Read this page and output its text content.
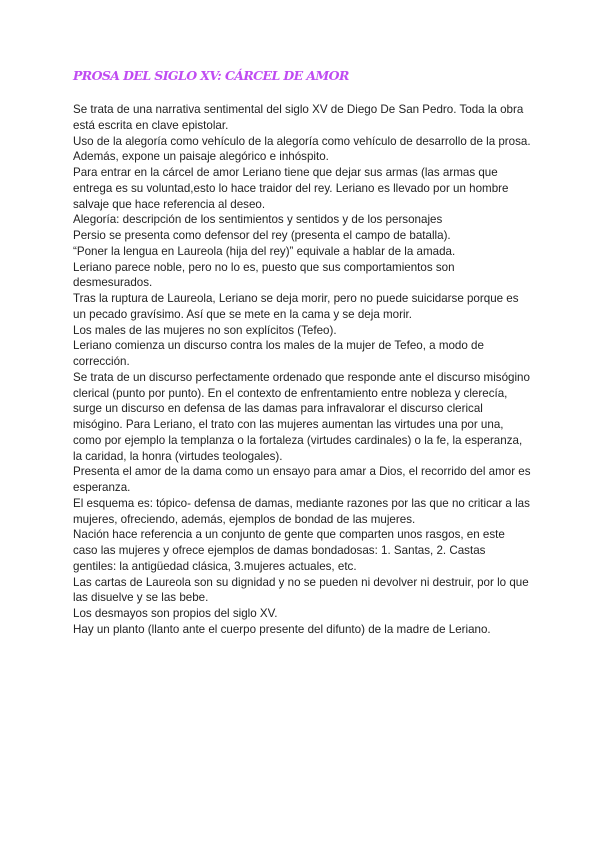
PROSA DEL SIGLO XV: CÁRCEL DE AMOR

Se trata de una narrativa sentimental del siglo XV de Diego De San Pedro. Toda la obra está escrita en clave epistolar.

Uso de la alegoría como vehículo de la alegoría como vehículo de desarrollo de la prosa. Además, expone un paisaje alegórico e inhóspito.

Para entrar en la cárcel de amor Leriano tiene que dejar sus armas (las armas que entrega es su voluntad,esto lo hace traidor del rey. Leriano es llevado por un hombre salvaje que hace referencia al deseo.

Alegoría: descripción de los sentimientos y sentidos y de los personajes

Persio se presenta como defensor del rey (presenta el campo de batalla).

“Poner la lengua en Laureola (hija del rey)” equivale a hablar de la amada.

Leriano parece noble, pero no lo es, puesto que sus comportamientos son desmesurados.

Tras la ruptura de Laureola, Leriano se deja morir, pero no puede suicidarse porque es un pecado gravísimo. Así que se mete en la cama y se deja morir.

Los males de las mujeres no son explícitos (Tefeo).

Leriano comienza un discurso contra los males de la mujer de Tefeo, a modo de corrección.

Se trata de un discurso perfectamente ordenado que responde ante el discurso misógino clerical (punto por punto). En el contexto de enfrentamiento entre nobleza y clerecía, surge un discurso en defensa de las damas para infravalorar el discurso clerical misógino. Para Leriano, el trato con las mujeres aumentan las virtudes una por una, como por ejemplo la templanza o la fortaleza (virtudes cardinales) o la fe, la esperanza, la caridad, la honra (virtudes teologales).

Presenta el amor de la dama como un ensayo para amar a Dios, el recorrido del amor es esperanza.

El esquema es: tópico- defensa de damas, mediante razones por las que no criticar a las mujeres, ofreciendo, además, ejemplos de bondad de las mujeres.

Nación hace referencia a un conjunto de gente que comparten unos rasgos, en este caso las mujeres y ofrece ejemplos de damas bondadosas: 1. Santas, 2. Castas gentiles: la antigüedad clásica, 3.mujeres actuales, etc.

Las cartas de Laureola son su dignidad y no se pueden ni devolver ni destruir, por lo que las disuelve y se las bebe.

Los desmayos son propios del siglo XV.

Hay un planto (llanto ante el cuerpo presente del difunto) de la madre de Leriano.
